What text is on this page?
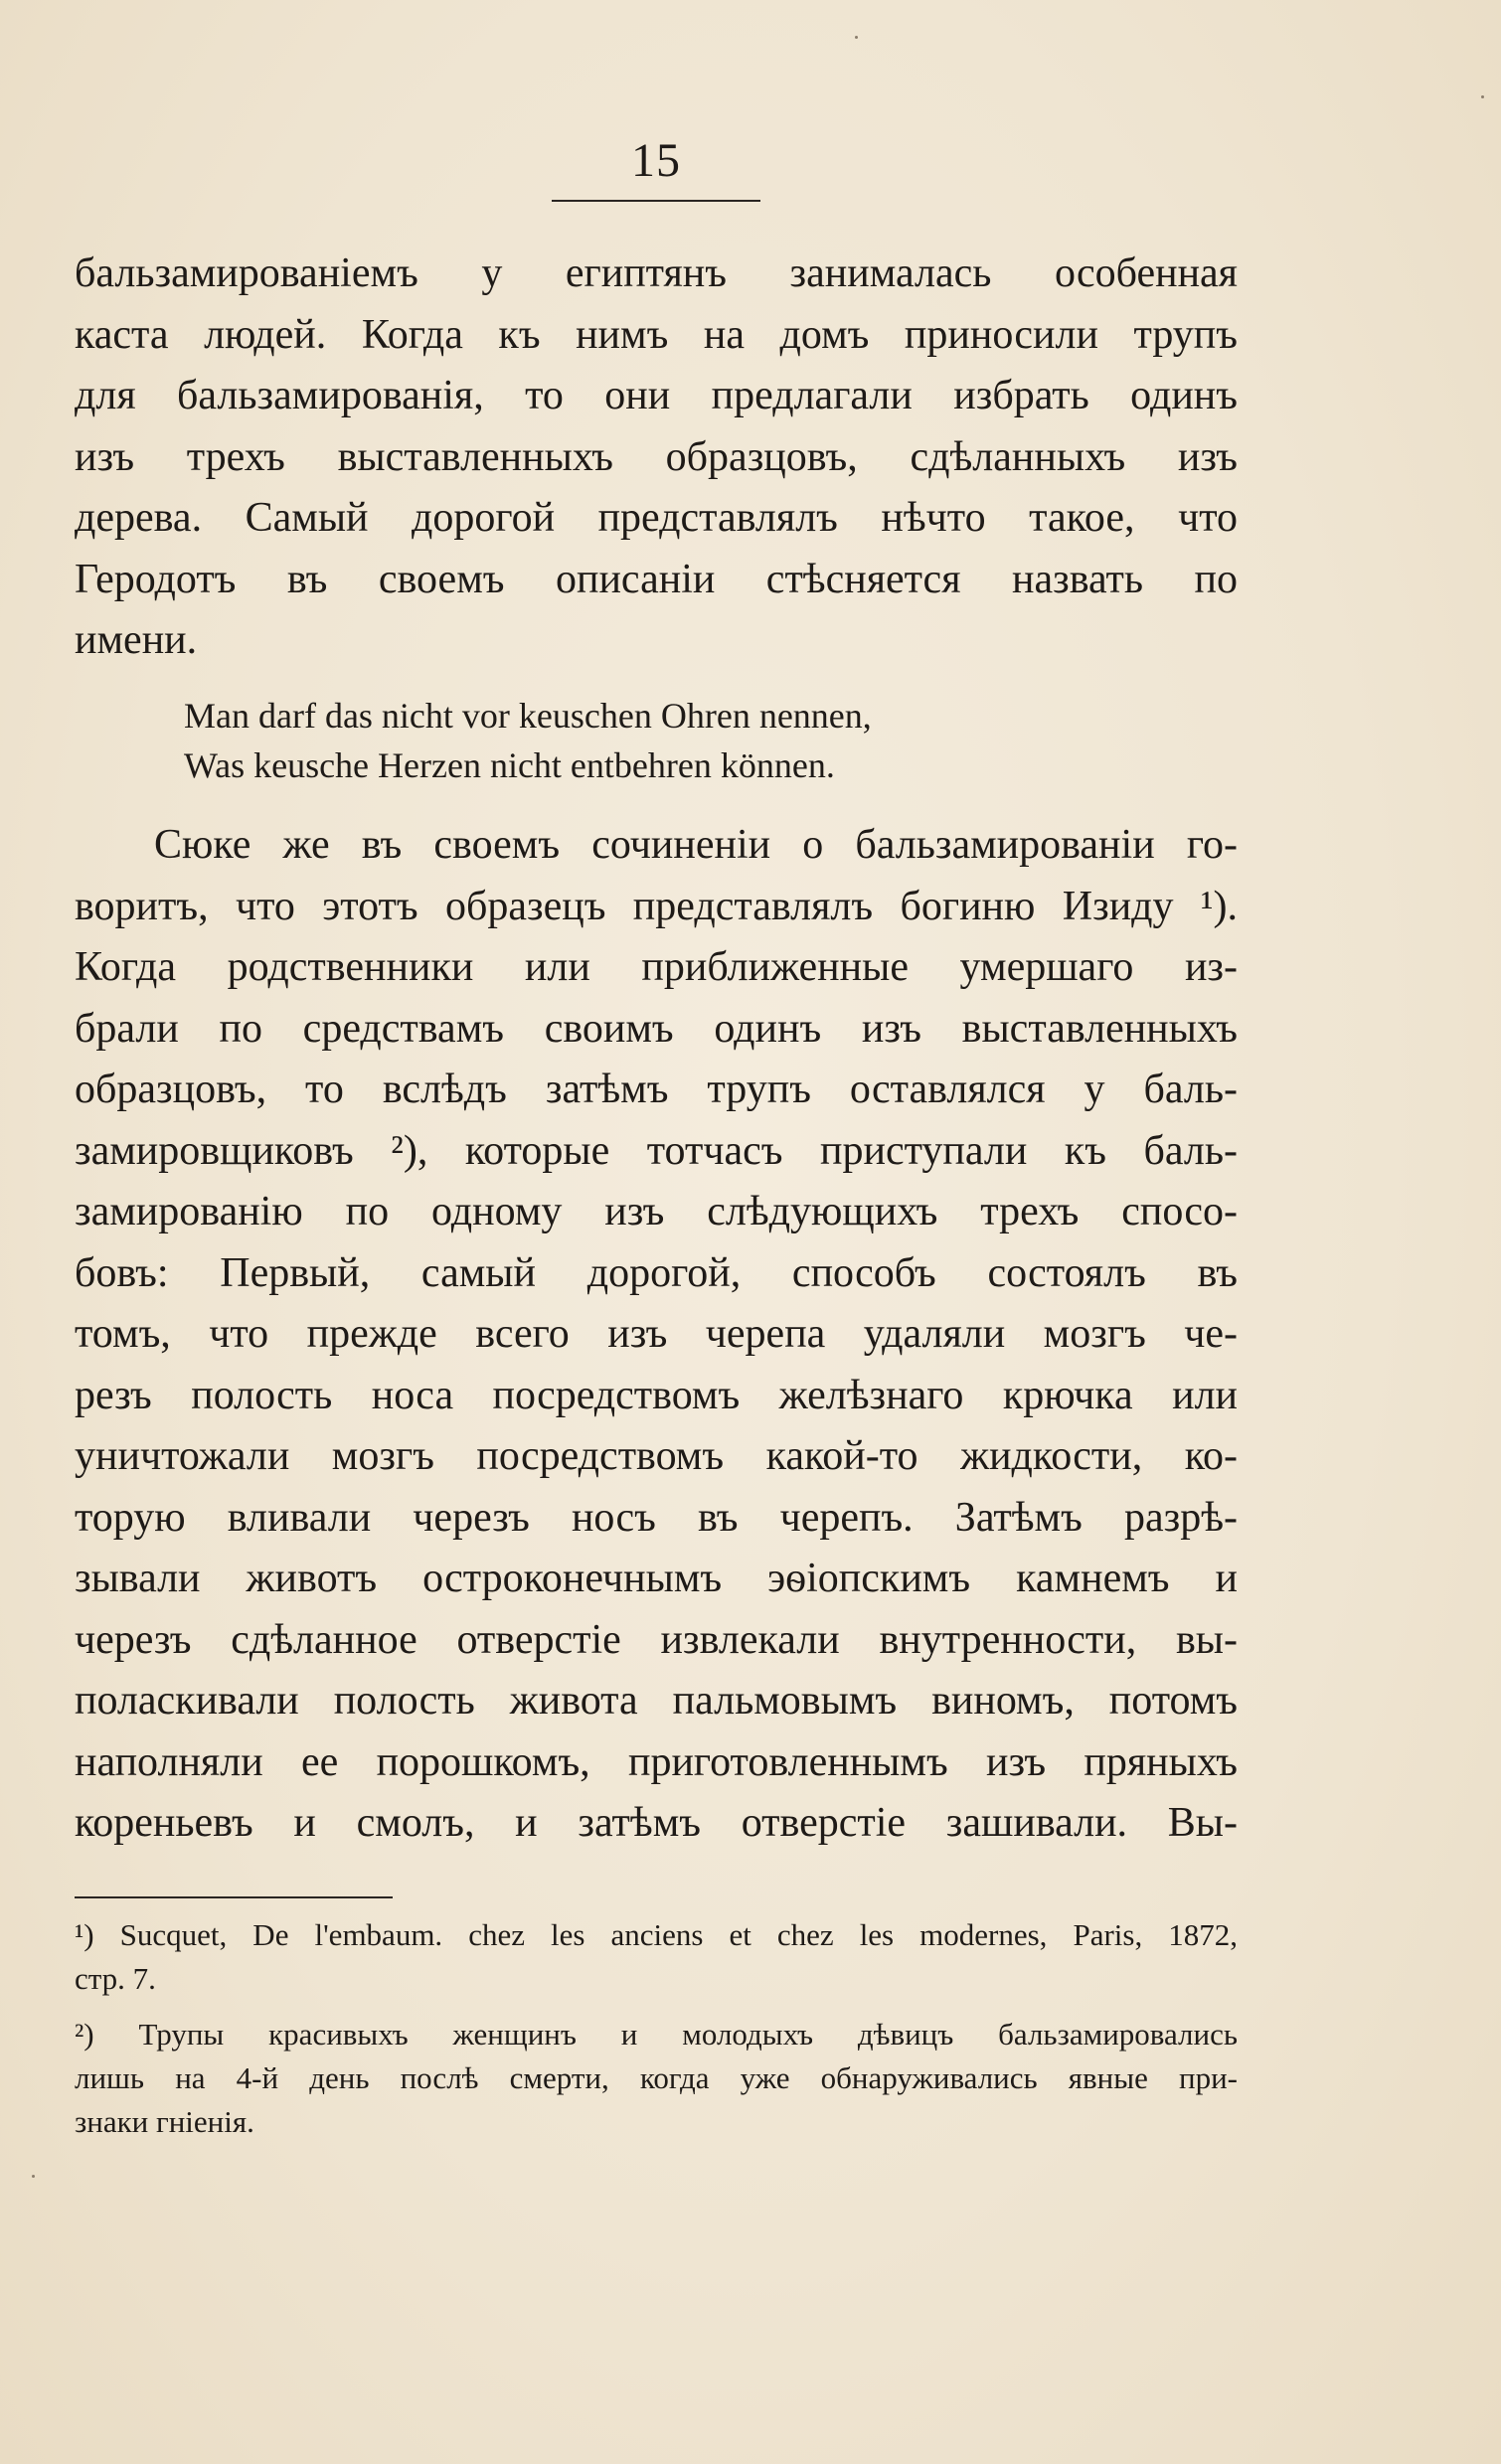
15
бальзамированіемъ у египтянъ занималась особенная
каста людей. Когда къ нимъ на домъ приносили трупъ
для бальзамированія, то они предлагали избрать одинъ
изъ трехъ выставленныхъ образцовъ, сдѣланныхъ изъ
дерева. Самый дорогой представлялъ нѣчто такое, что
Геродотъ въ своемъ описаніи стѣсняется назвать по
имени.
Man darf das nicht vor keuschen Ohren nennen,
Was keusche Herzen nicht entbehren können.
Сюке же въ своемъ сочиненіи о бальзамированіи го-
воритъ, что этотъ образецъ представлялъ богиню Изиду ¹).
Когда родственники или приближенные умершаго из-
брали по средствамъ своимъ одинъ изъ выставленныхъ
образцовъ, то вслѣдъ затѣмъ трупъ оставлялся у баль-
замировщиковъ ²), которые тотчасъ приступали къ баль-
замированію по одному изъ слѣдующихъ трехъ спосо-
бовъ: Первый, самый дорогой, способъ состоялъ въ
томъ, что прежде всего изъ черепа удаляли мозгъ че-
резъ полость носа посредствомъ желѣзнаго крючка или
уничтожали мозгъ посредствомъ какой-то жидкости, ко-
торую вливали черезъ носъ въ черепъ. Затѣмъ разрѣ-
зывали животъ остроконечнымъ эѳіопскимъ камнемъ и
черезъ сдѣланное отверстіе извлекали внутренности, вы-
поласкивали полость живота пальмовымъ виномъ, потомъ
наполняли ее порошкомъ, приготовленнымъ изъ пряныхъ
кореньевъ и смолъ, и затѣмъ отверстіе зашивали. Вы-
¹) Sucquet, De l'embaum. chez les anciens et chez les modernes, Paris, 1872,
стр. 7.
²) Трупы красивыхъ женщинъ и молодыхъ дѣвицъ бальзамировались
лишь на 4-й день послѣ смерти, когда уже обнаруживались явные при-
знаки гніенія.
